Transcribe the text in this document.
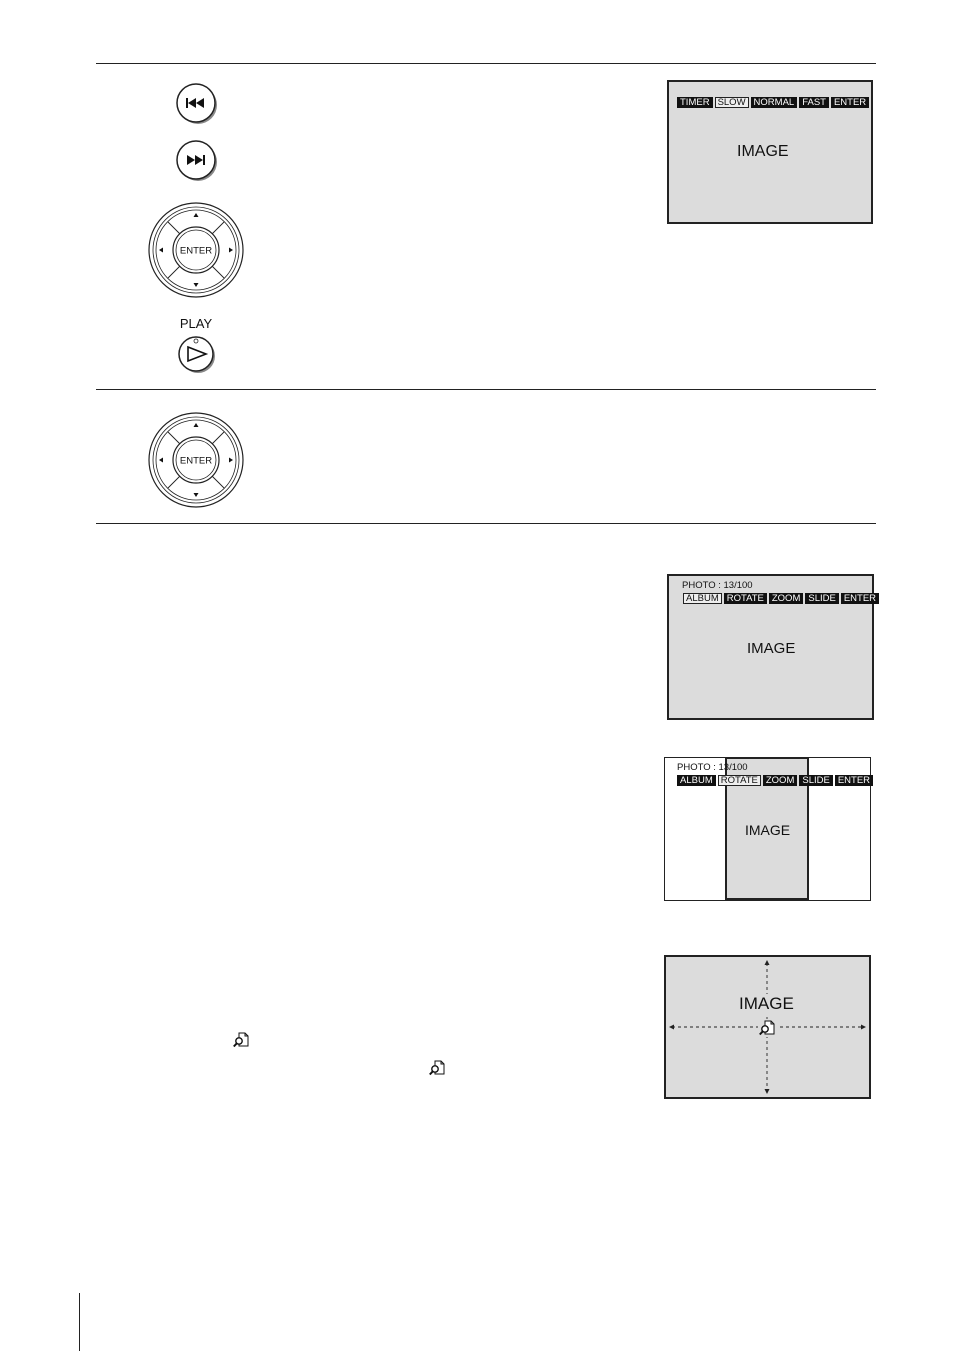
ENTER
PLAY
ENTER
TIMER SLOW NORMAL FAST ENTER
IMAGE
PHOTO : 13/100
ALBUM ROTATE ZOOM SLIDE ENTER
IMAGE
PHOTO : 13/100
ALBUM ROTATE ZOOM SLIDE ENTER
IMAGE
IMAGE
